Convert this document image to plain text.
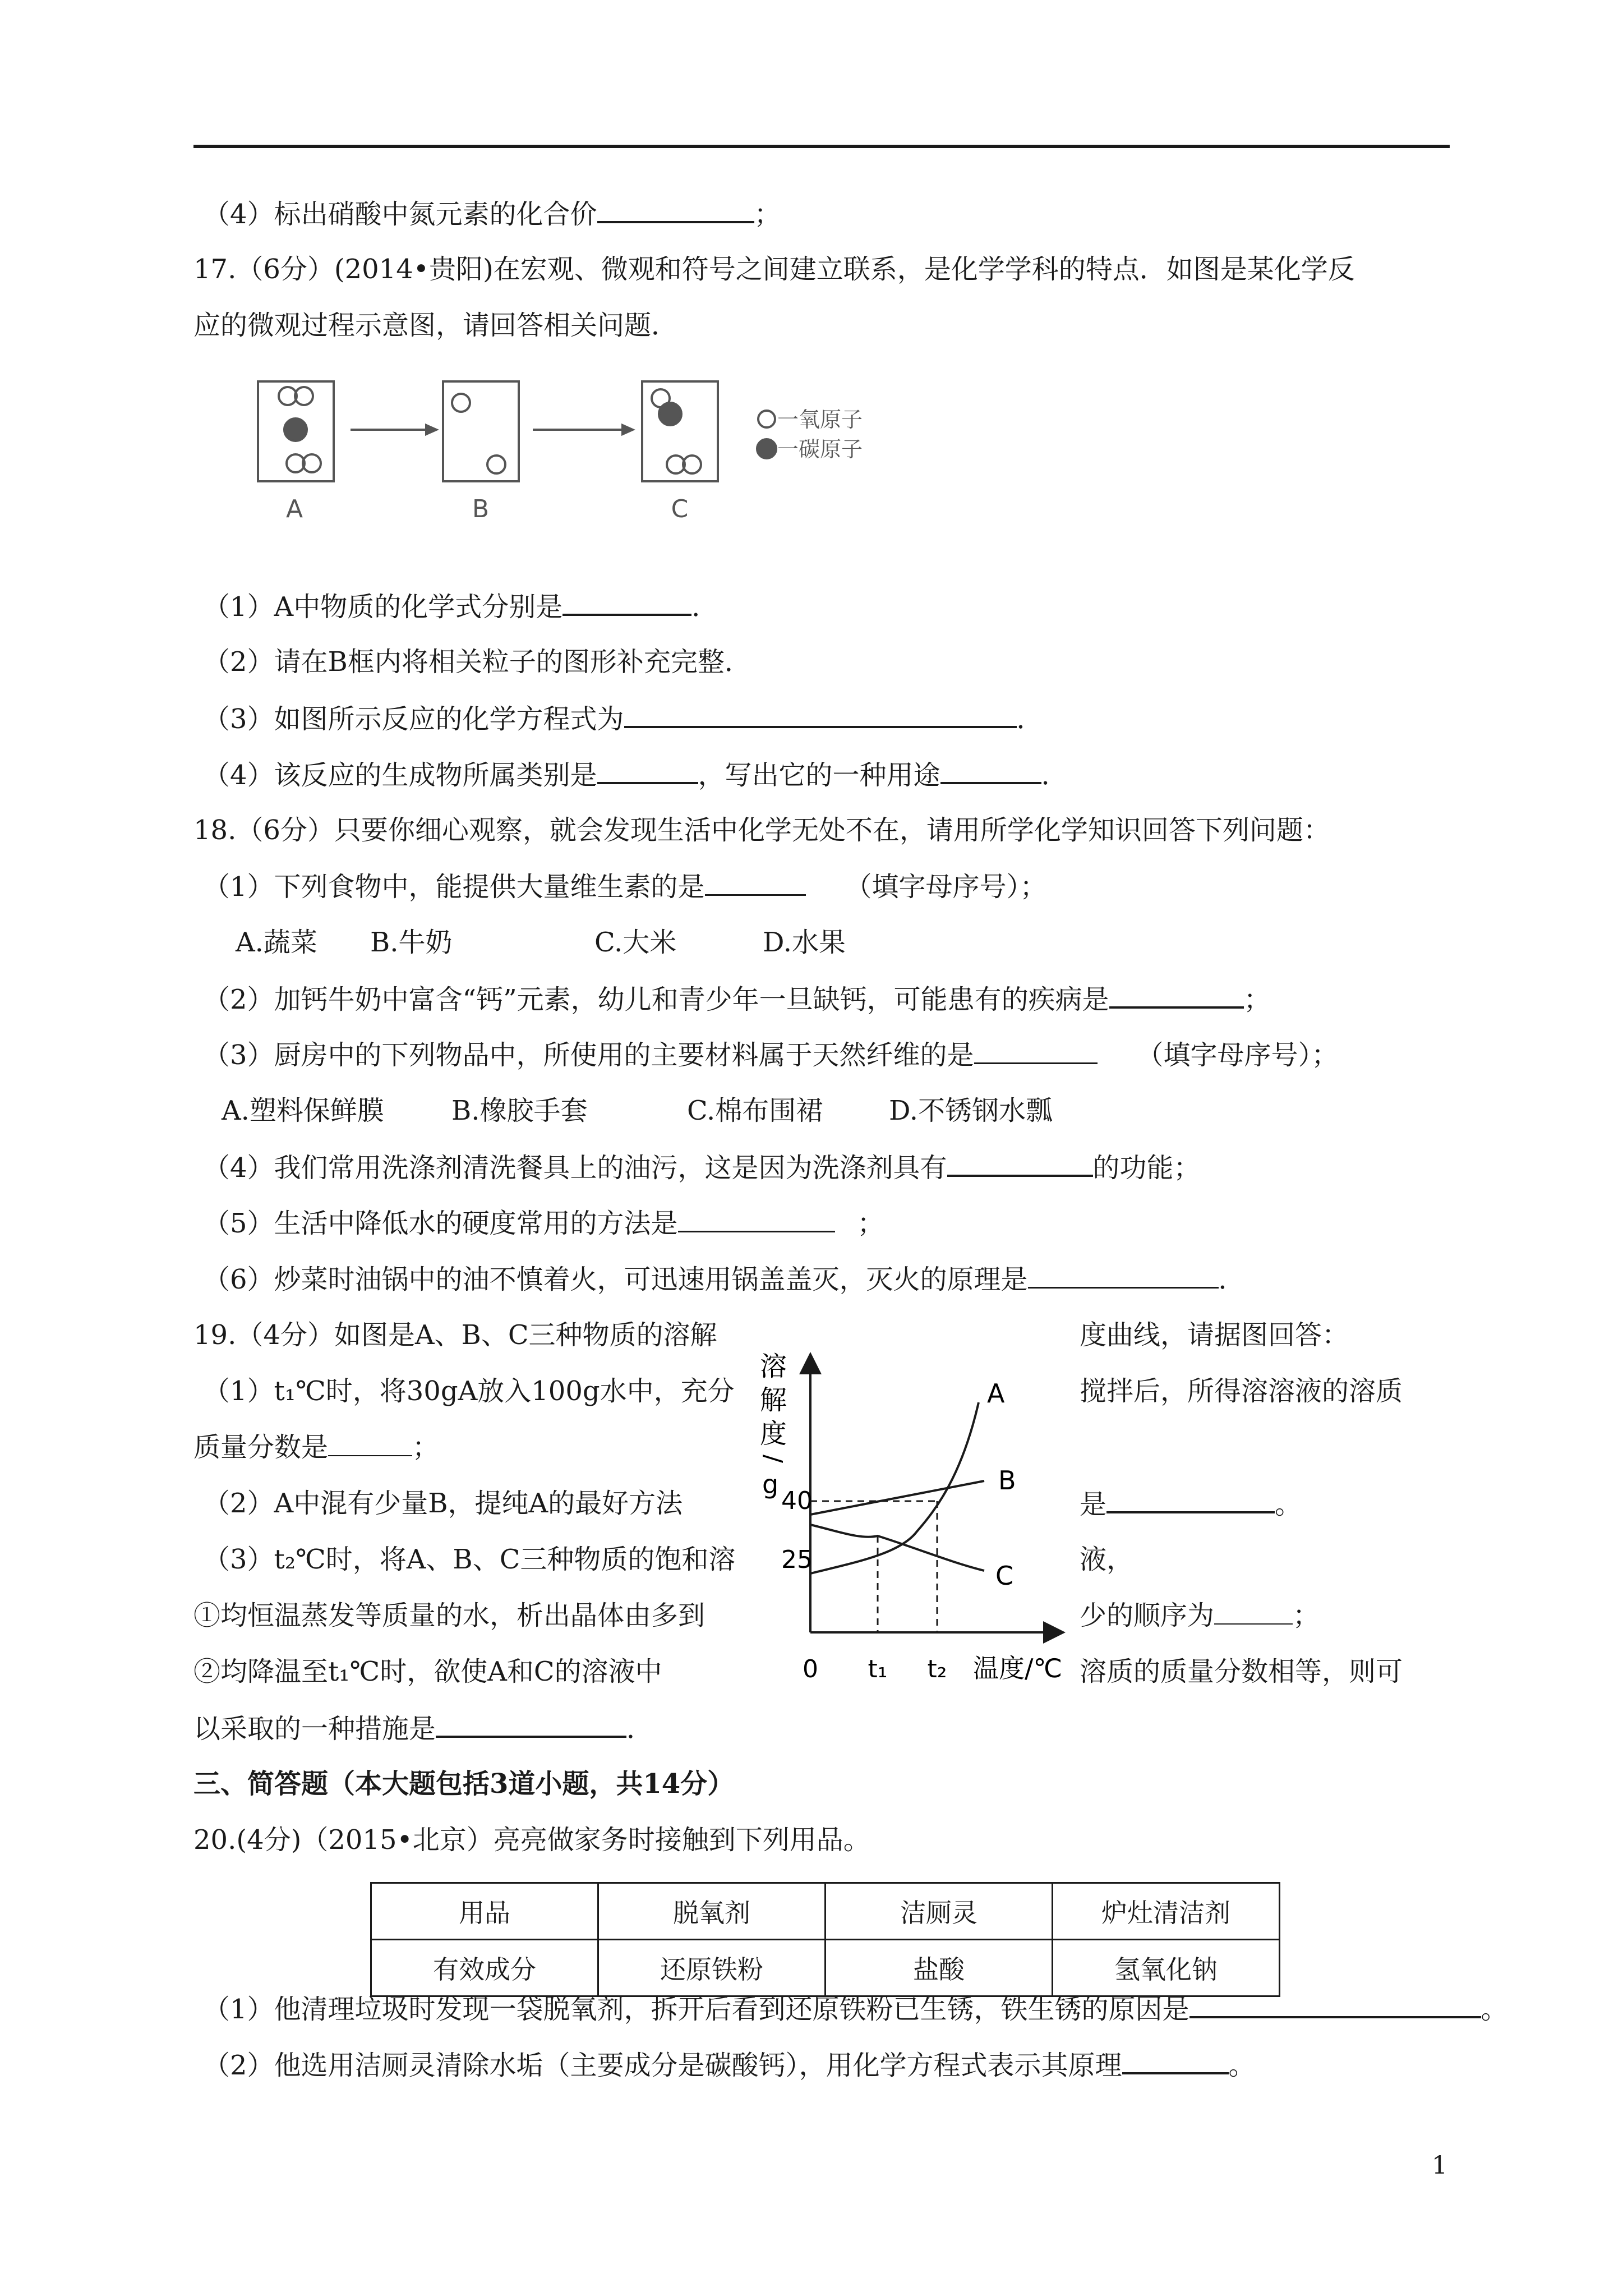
（4）标出硝酸中氮元素的化合价	；
17.（6分）(2014•贵阳)在宏观、微观和符号之间建立联系，是化学学科的特点．如图是某化学反
应的微观过程示意图，请回答相关问题．
A	B	C
一氧原子
一碳原子
（1）A中物质的化学式分别是	．
（2）请在B框内将相关粒子的图形补充完整．
（3）如图所示反应的化学方程式为	．
（4）该反应的生成物所属类别是	，写出它的一种用途	．
18.（6分）只要你细心观察，就会发现生活中化学无处不在，请用所学化学知识回答下列问题：
（1）下列食物中，能提供大量维生素的是	（填字母序号）；
A.蔬菜 B.牛奶	C.大米	D.水果
（2）加钙牛奶中富含“钙”元素，幼儿和青少年一旦缺钙，可能患有的疾病是	；
（3）厨房中的下列物品中，所使用的主要材料属于天然纤维的是	（填字母序号）；
A.塑料保鲜膜	B.橡胶手套	C.棉布围裙 D.不锈钢水瓢
（4）我们常用洗涤剂清洗餐具上的油污，这是因为洗涤剂具有	的功能；
（5）生活中降低水的硬度常用的方法是	；
（6）炒菜时油锅中的油不慎着火，可迅速用锅盖盖灭，灭火的原理是	．
19.（4分）如图是A、B、C三种物质的溶解
（1）t₁℃时，将30gA放入100g水中，充分
质量分数是	；
（2）A中混有少量B，提纯A的最好方法
（3）t₂℃时，将A、B、C三种物质的饱和溶
①均恒温蒸发等质量的水，析出晶体由多到
②均降温至t₁℃时，欲使A和C的溶液中
以采取的一种措施是	．
度曲线，请据图回答：
搅拌后，所得溶溶液的溶质
是	。
液，
少的顺序为	；
溶质的质量分数相等，则可
溶
解
度
/
g
40
25
0 t₁ t₂ 温度/℃
A
B
C
三、简答题（本大题包括3道小题，共14分）
20.(4分)（2015•北京）亮亮做家务时接触到下列用品。
用品	脱氧剂	洁厕灵	炉灶清洁剂
有效成分	还原铁粉	盐酸	氢氧化钠
（1）他清理垃圾时发现一袋脱氧剂，拆开后看到还原铁粉已生锈，铁生锈的原因是	。
（2）他选用洁厕灵清除水垢（主要成分是碳酸钙），用化学方程式表示其原理	。
1
